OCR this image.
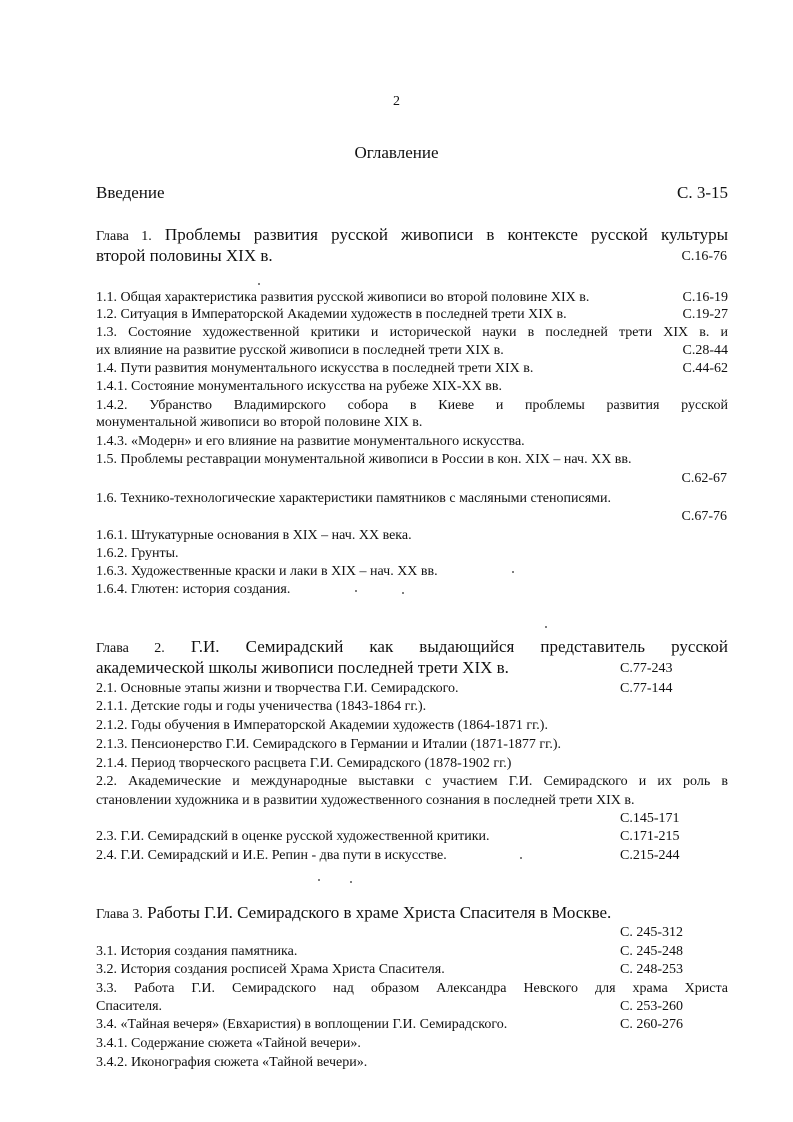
2
Оглавление
Введение	С. 3-15
Глава 1. Проблемы развития русской живописи в контексте русской культуры
второй половины XIX в.	С.16-76
1.1. Общая характеристика развития русской живописи во второй половине XIX в.	С.16-19
1.2. Ситуация в Императорской Академии художеств в последней трети XIX в.	С.19-27
1.3. Состояние художественной критики и исторической науки в последней трети XIX в. и
их влияние на развитие русской живописи в последней трети XIX в.	С.28-44
1.4. Пути развития монументального искусства в последней трети XIX в.	С.44-62
1.4.1. Состояние монументального искусства на рубеже XIX-XX вв.
1.4.2. Убранство Владимирского собора в Киеве и проблемы развития русской
монументальной живописи во второй половине XIX в.
1.4.3. «Модерн» и его влияние на развитие монументального искусства.
1.5. Проблемы реставрации монументальной живописи в России в кон. XIX – нач. XX вв.
С.62-67
1.6. Технико-технологические характеристики памятников с масляными стенописями.
С.67-76
1.6.1. Штукатурные основания в XIX – нач. XX века.
1.6.2. Грунты.
1.6.3. Художественные краски и лаки в XIX – нач. XX вв.
1.6.4. Глютен: история создания.
Глава 2. Г.И. Семирадский как выдающийся представитель русской
академической школы живописи последней трети XIX в.	С.77-243
2.1. Основные этапы жизни и творчества Г.И. Семирадского.	С.77-144
2.1.1. Детские годы и годы ученичества (1843-1864 гг.).
2.1.2. Годы обучения в Императорской Академии художеств (1864-1871 гг.).
2.1.3. Пенсионерство Г.И. Семирадского в Германии и Италии (1871-1877 гг.).
2.1.4. Период творческого расцвета Г.И. Семирадского (1878-1902 гг.)
2.2. Академические и международные выставки с участием Г.И. Семирадского и их роль в
становлении художника и в развитии художественного сознания в последней трети XIX в.
С.145-171
2.3. Г.И. Семирадский в оценке русской художественной критики.	С.171-215
2.4. Г.И. Семирадский и И.Е. Репин - два пути в искусстве.	С.215-244
Глава 3. Работы Г.И. Семирадского в храме Христа Спасителя в Москве.
С. 245-312
3.1. История создания памятника.	С. 245-248
3.2. История создания росписей Храма Христа Спасителя.	С. 248-253
3.3. Работа Г.И. Семирадского над образом Александра Невского для храма Христа
Спасителя.	С. 253-260
3.4. «Тайная вечеря» (Евхаристия) в воплощении Г.И. Семирадского.	С. 260-276
3.4.1. Содержание сюжета «Тайной вечери».
3.4.2. Иконография сюжета «Тайной вечери».
